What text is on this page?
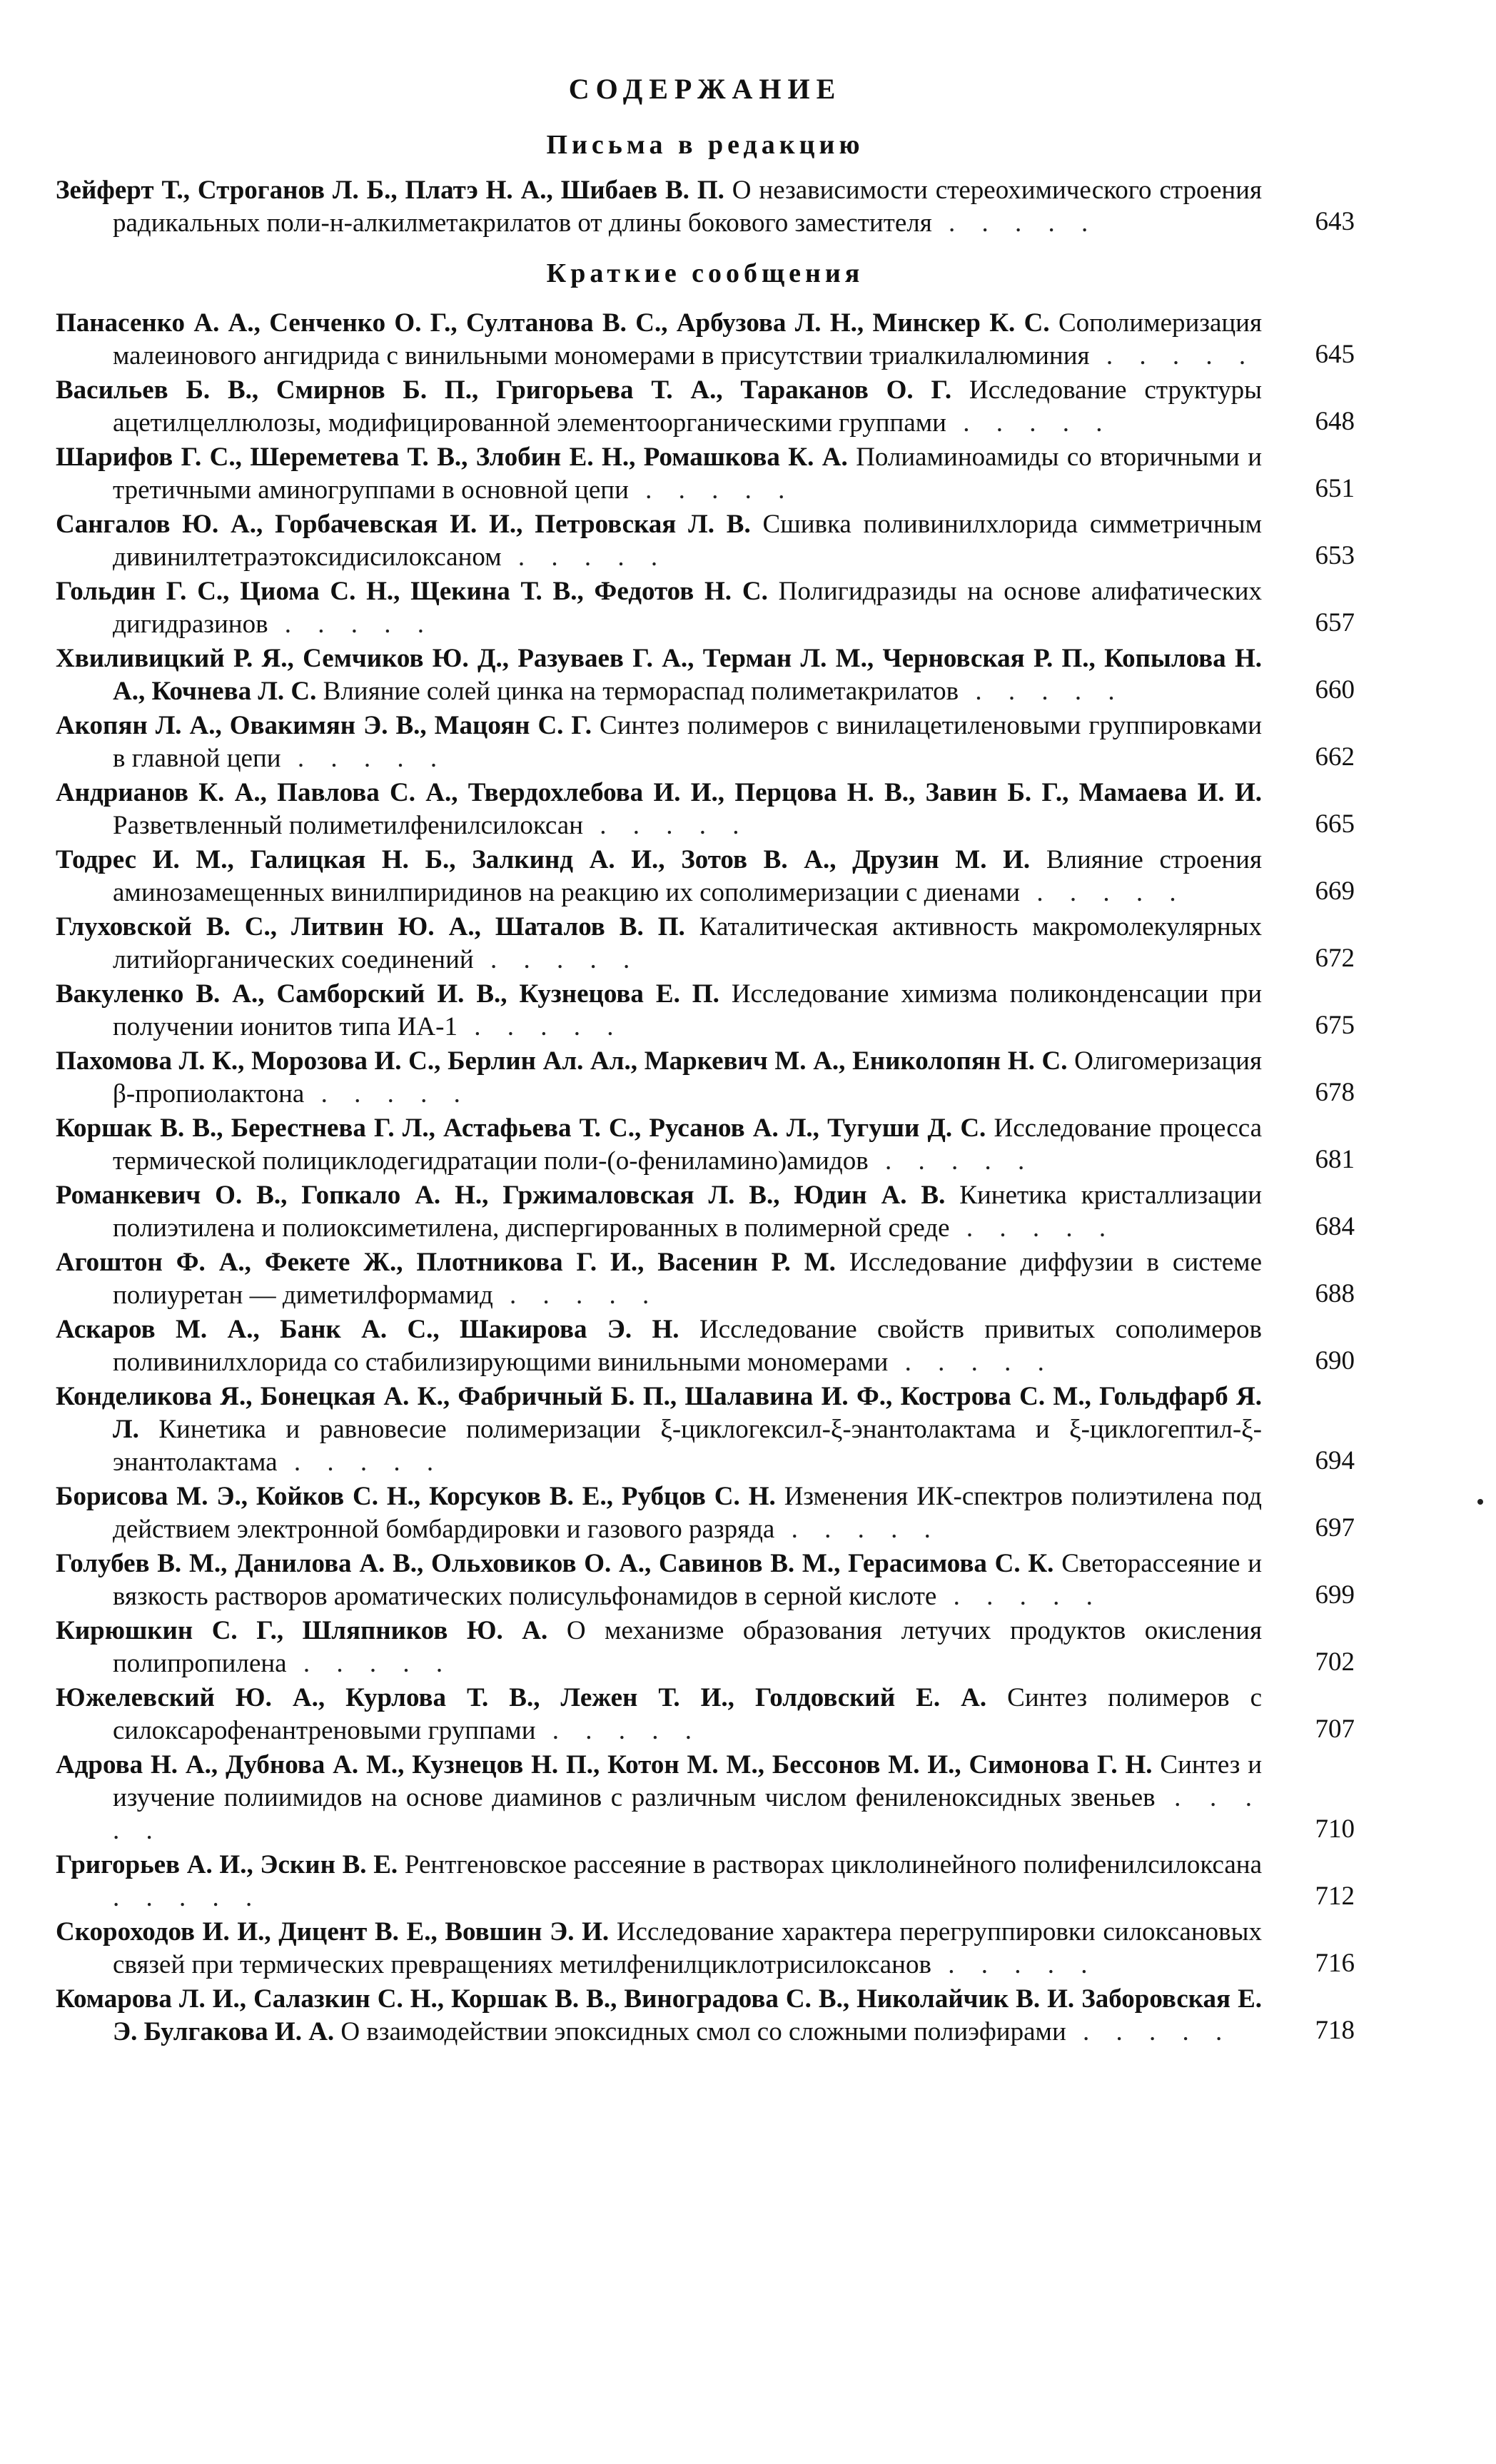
СОДЕРЖАНИЕ
Письма в редакцию
Зейферт Т., Строганов Л. Б., Платэ Н. А., Шибаев В. П. О независимости стереохимического строения радикальных поли-н-алкилметакрилатов от длины бокового заместителя . . . . .	643
Краткие сообщения
Панасенко А. А., Сенченко О. Г., Султанова В. С., Арбузова Л. Н., Минскер К. С. Сополимеризация малеинового ангидрида с винильными мономерами в присутствии триалкилалюминия . . . . .	645
Васильев Б. В., Смирнов Б. П., Григорьева Т. А., Тараканов О. Г. Исследование структуры ацетилцеллюлозы, модифицированной элементоорганическими группами . . . . .	648
Шарифов Г. С., Шереметева Т. В., Злобин Е. Н., Ромашкова К. А. Полиаминоамиды со вторичными и третичными аминогруппами в основной цепи . . . . .	651
Сангалов Ю. А., Горбачевская И. И., Петровская Л. В. Сшивка поливинилхлорида симметричным дивинилтетраэтоксидисилоксаном . . . . .	653
Гольдин Г. С., Циома С. Н., Щекина Т. В., Федотов Н. С. Полигидразиды на основе алифатических дигидразинов . . . . .	657
Хвиливицкий Р. Я., Семчиков Ю. Д., Разуваев Г. А., Терман Л. М., Черновская Р. П., Копылова Н. А., Кочнева Л. С. Влияние солей цинка на термораспад полиметакрилатов . . . . .	660
Акопян Л. А., Овакимян Э. В., Мацоян С. Г. Синтез полимеров с винилацетиленовыми группировками в главной цепи . . . . .	662
Андрианов К. А., Павлова С. А., Твердохлебова И. И., Перцова Н. В., Завин Б. Г., Мамаева И. И. Разветвленный полиметилфенилсилоксан . . . . .	665
Тодрес И. М., Галицкая Н. Б., Залкинд А. И., Зотов В. А., Друзин М. И. Влияние строения аминозамещенных винилпиридинов на реакцию их сополимеризации с диенами . . . . .	669
Глуховской В. С., Литвин Ю. А., Шаталов В. П. Каталитическая активность макромолекулярных литийорганических соединений . . . . .	672
Вакуленко В. А., Самборский И. В., Кузнецова Е. П. Исследование химизма поликонденсации при получении ионитов типа ИА-1 . . . . .	675
Пахомова Л. К., Морозова И. С., Берлин Ал. Ал., Маркевич М. А., Ениколопян Н. С. Олигомеризация β-пропиолактона . . . . .	678
Коршак В. В., Берестнева Г. Л., Астафьева Т. С., Русанов А. Л., Тугуши Д. С. Исследование процесса термической полициклодегидратации поли-(о-фениламино)амидов . . . . .	681
Романкевич О. В., Гопкало А. Н., Гржималовская Л. В., Юдин А. В. Кинетика кристаллизации полиэтилена и полиоксиметилена, диспергированных в полимерной среде . . . . .	684
Агоштон Ф. А., Фекете Ж., Плотникова Г. И., Васенин Р. М. Исследование диффузии в системе полиуретан — диметилформамид . . . . .	688
Аскаров М. А., Банк А. С., Шакирова Э. Н. Исследование свойств привитых сополимеров поливинилхлорида со стабилизирующими винильными мономерами . . . . .	690
Конделикова Я., Бонецкая А. К., Фабричный Б. П., Шалавина И. Ф., Кострова С. М., Гольдфарб Я. Л. Кинетика и равновесие полимеризации ξ-циклогексил-ξ-энантолактама и ξ-циклогептил-ξ-энантолактама . . . . .	694
Борисова М. Э., Койков С. Н., Корсуков В. Е., Рубцов С. Н. Изменения ИК-спектров полиэтилена под действием электронной бомбардировки и газового разряда . . . . .	697
Голубев В. М., Данилова А. В., Ольховиков О. А., Савинов В. М., Герасимова С. К. Светорассеяние и вязкость растворов ароматических полисульфонамидов в серной кислоте . . . . .	699
Кирюшкин С. Г., Шляпников Ю. А. О механизме образования летучих продуктов окисления полипропилена . . . . .	702
Южелевский Ю. А., Курлова Т. В., Лежен Т. И., Голдовский Е. А. Синтез полимеров с силоксарофенантреновыми группами . . . . .	707
Адрова Н. А., Дубнова А. М., Кузнецов Н. П., Котон М. М., Бессонов М. И., Симонова Г. Н. Синтез и изучение полиимидов на основе диаминов с различным числом фениленоксидных звеньев . . . . .	710
Григорьев А. И., Эскин В. Е. Рентгеновское рассеяние в растворах циклолинейного полифенилсилоксана . . . . .	712
Скороходов И. И., Дицент В. Е., Вовшин Э. И. Исследование характера перегруппировки силоксановых связей при термических превращениях метилфенилциклотрисилоксанов . . . . .	716
Комарова Л. И., Салазкин С. Н., Коршак В. В., Виноградова С. В., Николайчик В. И. Заборовская Е. Э. Булгакова И. А. О взаимодействии эпоксидных смол со сложными полиэфирами . . . . .	718
